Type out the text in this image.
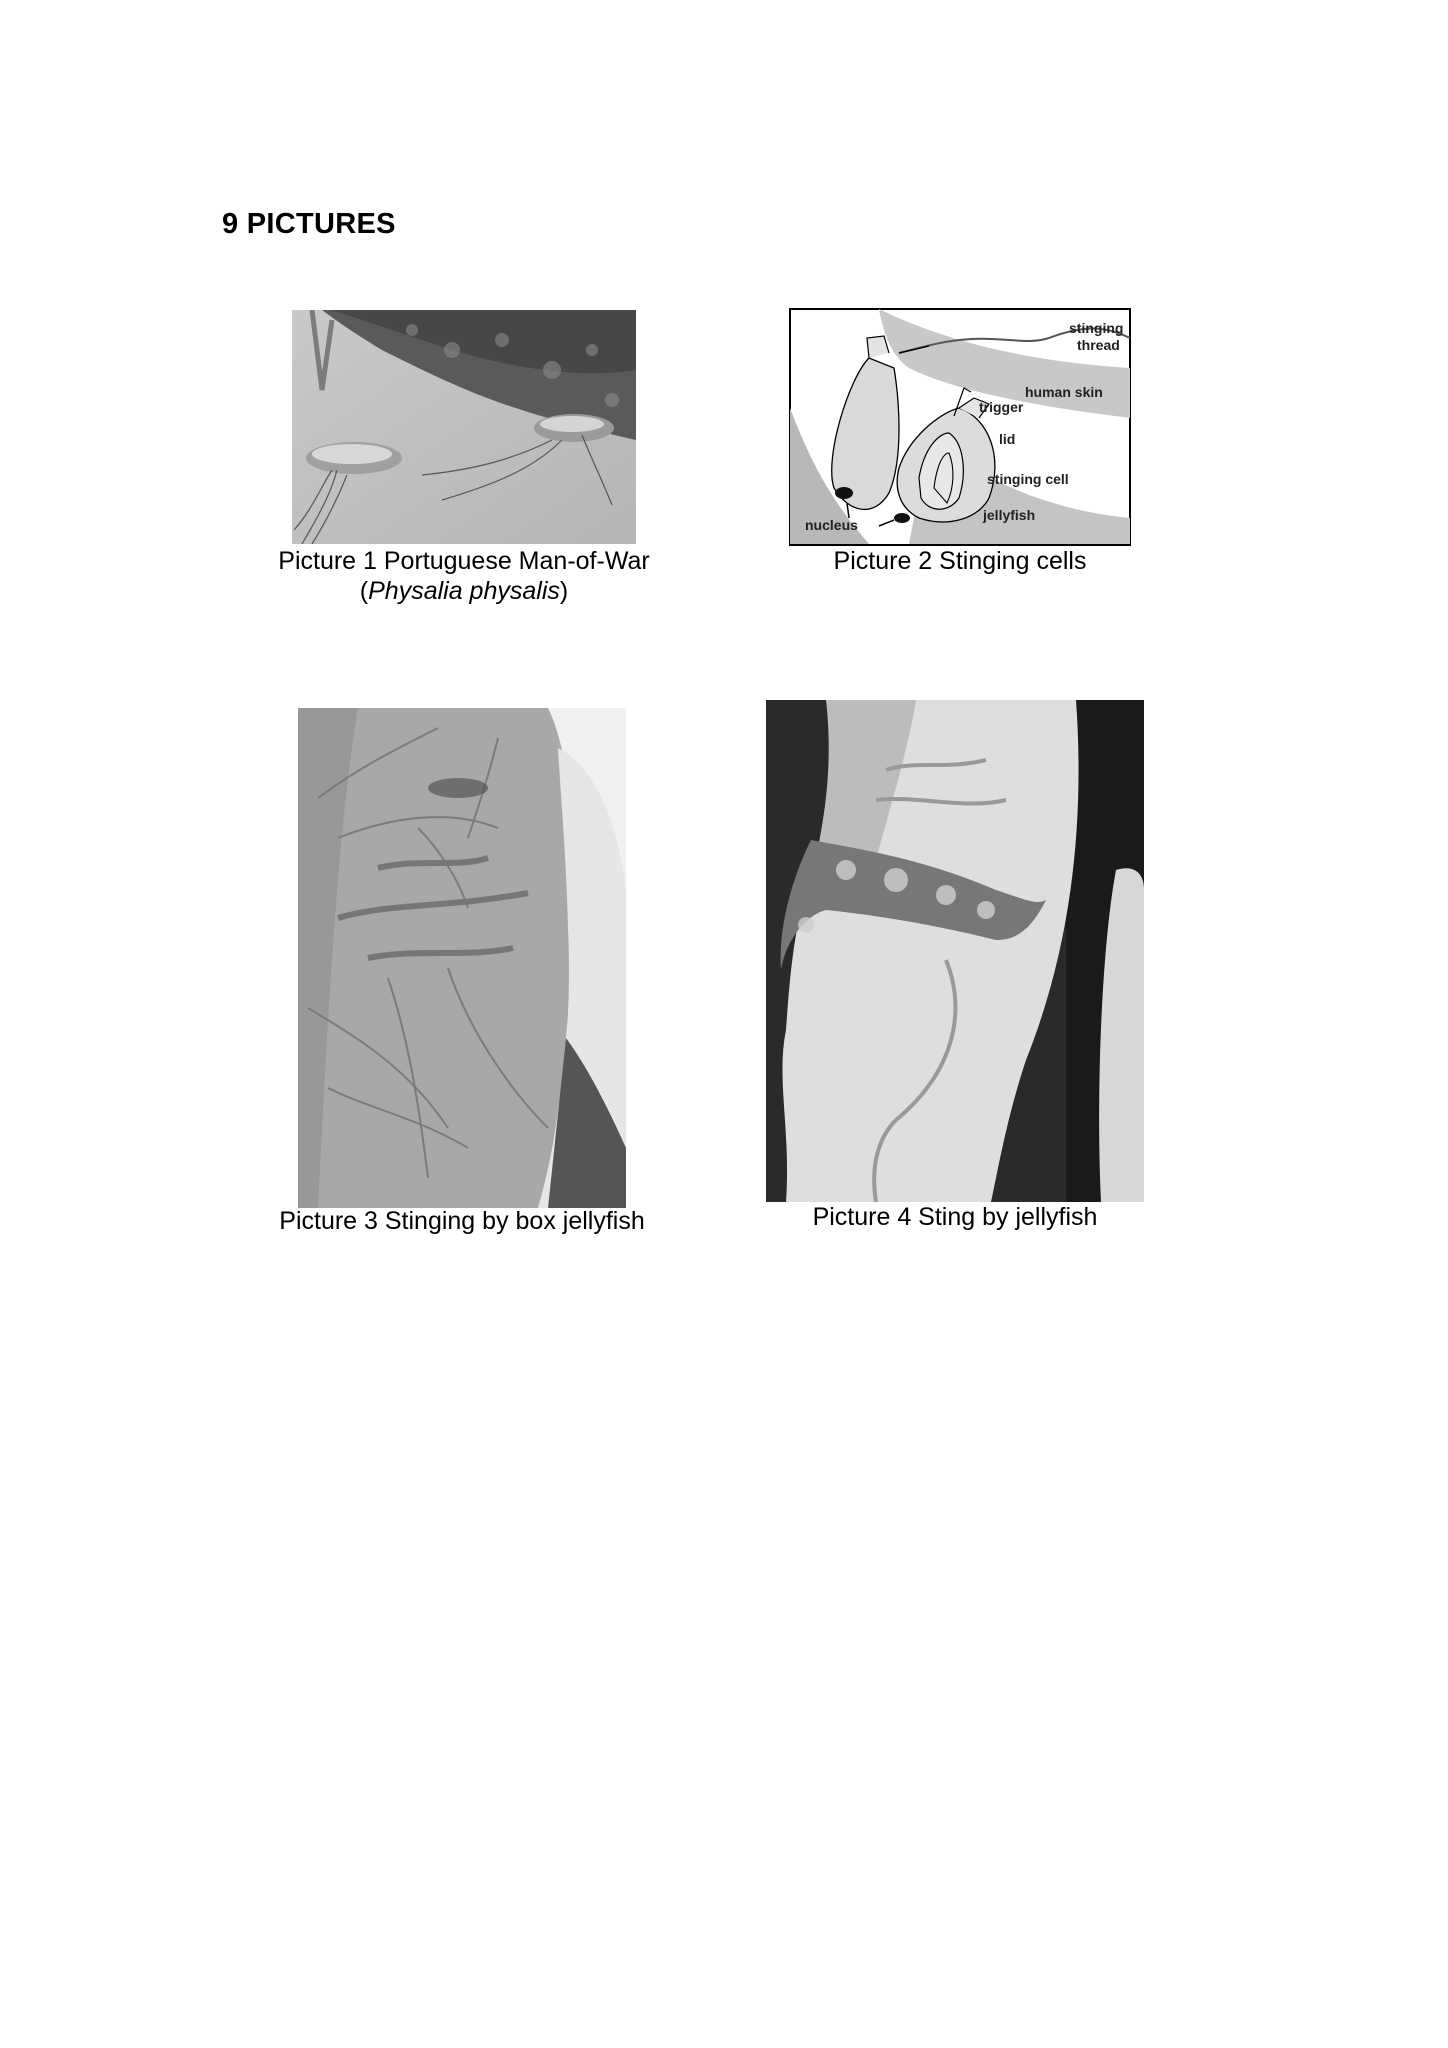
9 PICTURES
Picture 1 Portuguese Man-of-War
(Physalia physalis)
stinging
thread
human skin
trigger
lid
stinging cell
jellyfish
nucleus
Picture 2 Stinging cells
Picture 3 Stinging by box jellyfish	Picture 4 Sting by jellyfish
